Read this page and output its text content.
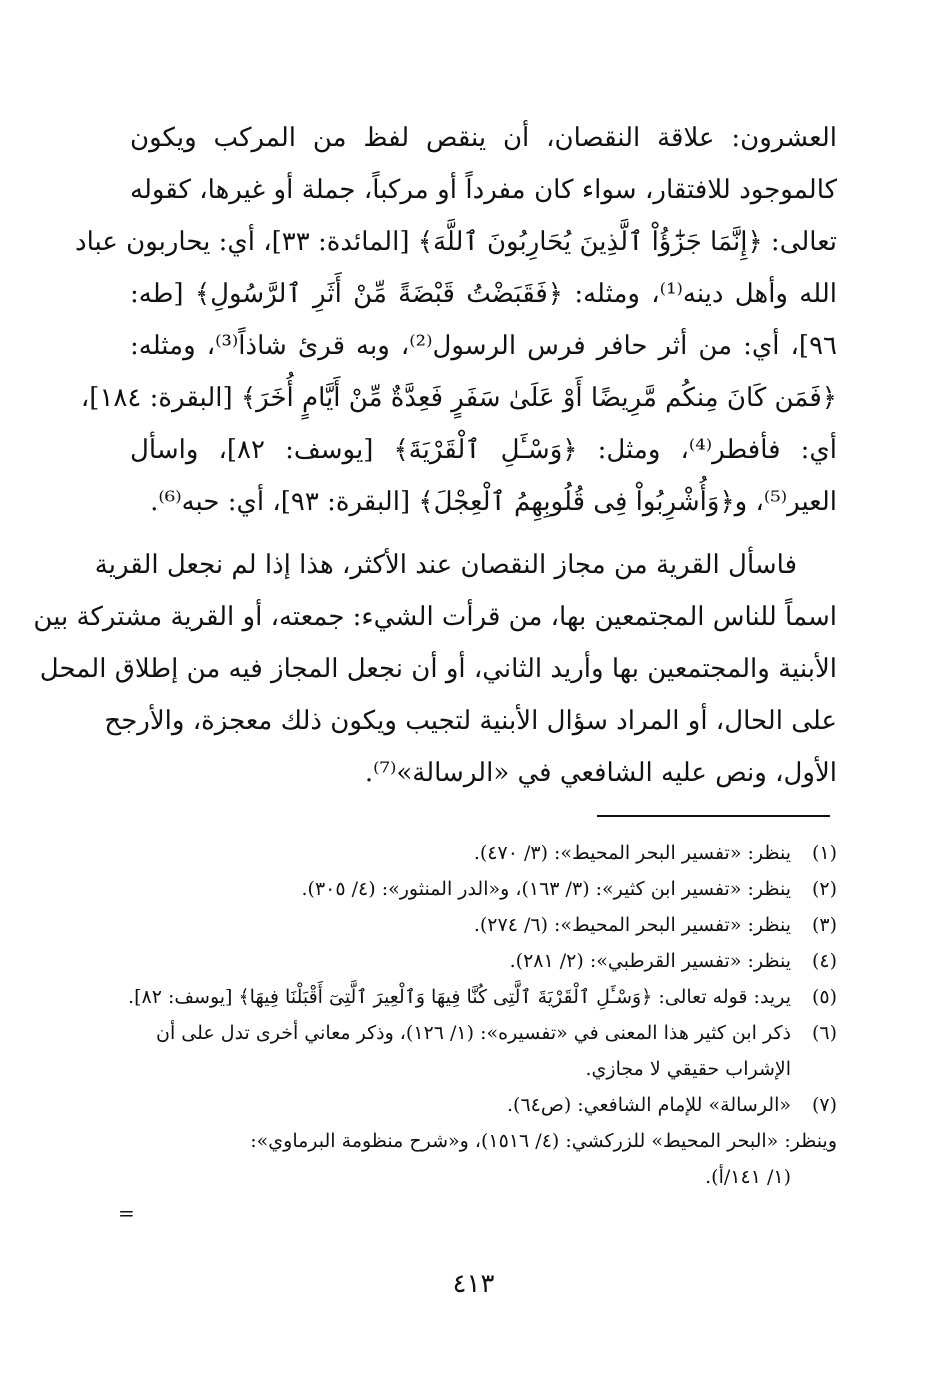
العشرون: علاقة النقصان، أن ينقص لفظ من المركب ويكون
كالموجود للافتقار، سواء كان مفرداً أو مركباً، جملة أو غيرها، كقوله
تعالى: ﴿إِنَّمَا جَزَٰٓؤُاْ ٱلَّذِينَ يُحَارِبُونَ ٱللَّهَ﴾ [المائدة: ٣٣]، أي: يحاربون عباد
الله وأهل دينه⁽¹⁾، ومثله: ﴿فَقَبَضْتُ قَبْضَةً مِّنْ أَثَرِ ٱلرَّسُولِ﴾ [طه:
٩٦]، أي: من أثر حافر فرس الرسول⁽²⁾، وبه قرئ شاذاً⁽³⁾، ومثله:
﴿فَمَن كَانَ مِنكُم مَّرِيضًا أَوْ عَلَىٰ سَفَرٍ فَعِدَّةٌ مِّنْ أَيَّامٍ أُخَرَ﴾ [البقرة: ١٨٤]،
أي: فأفطر⁽⁴⁾، ومثل: ﴿وَسْـَٔلِ ٱلْقَرْيَةَ﴾ [يوسف: ٨٢]، واسأل
العير⁽⁵⁾، و﴿وَأُشْرِبُواْ فِى قُلُوبِهِمُ ٱلْعِجْلَ﴾ [البقرة: ٩٣]، أي: حبه⁽⁶⁾.
فاسأل القرية من مجاز النقصان عند الأكثر، هذا إذا لم نجعل القرية
اسماً للناس المجتمعين بها، من قرأت الشيء: جمعته، أو القرية مشتركة بين
الأبنية والمجتمعين بها وأريد الثاني، أو أن نجعل المجاز فيه من إطلاق المحل
على الحال، أو المراد سؤال الأبنية لتجيب ويكون ذلك معجزة، والأرجح
الأول، ونص عليه الشافعي في «الرسالة»⁽⁷⁾.
(١)ينظر: «تفسير البحر المحيط»: (٣/ ٤٧٠).
(٢)ينظر: «تفسير ابن كثير»: (٣/ ١٦٣)، و«الدر المنثور»: (٤/ ٣٠٥).
(٣)ينظر: «تفسير البحر المحيط»: (٦/ ٢٧٤).
(٤)ينظر: «تفسير القرطبي»: (٢/ ٢٨١).
(٥)يريد: قوله تعالى: ﴿وَسْـَٔلِ ٱلْقَرْيَةَ ٱلَّتِى كُنَّا فِيهَا وَٱلْعِيرَ ٱلَّتِىٓ أَقْبَلْنَا فِيهَا﴾ [يوسف: ٨٢].
(٦)ذكر ابن كثير هذا المعنى في «تفسيره»: (١/ ١٢٦)، وذكر معاني أخرى تدل على أن
الإشراب حقيقي لا مجازي.
(٧)«الرسالة» للإمام الشافعي: (ص٦٤).
وينظر: «البحر المحيط» للزركشي: (٤/ ١٥١٦)، و«شرح منظومة البرماوي»:
(١/ ١٤١/أ).
=
٤١٣
